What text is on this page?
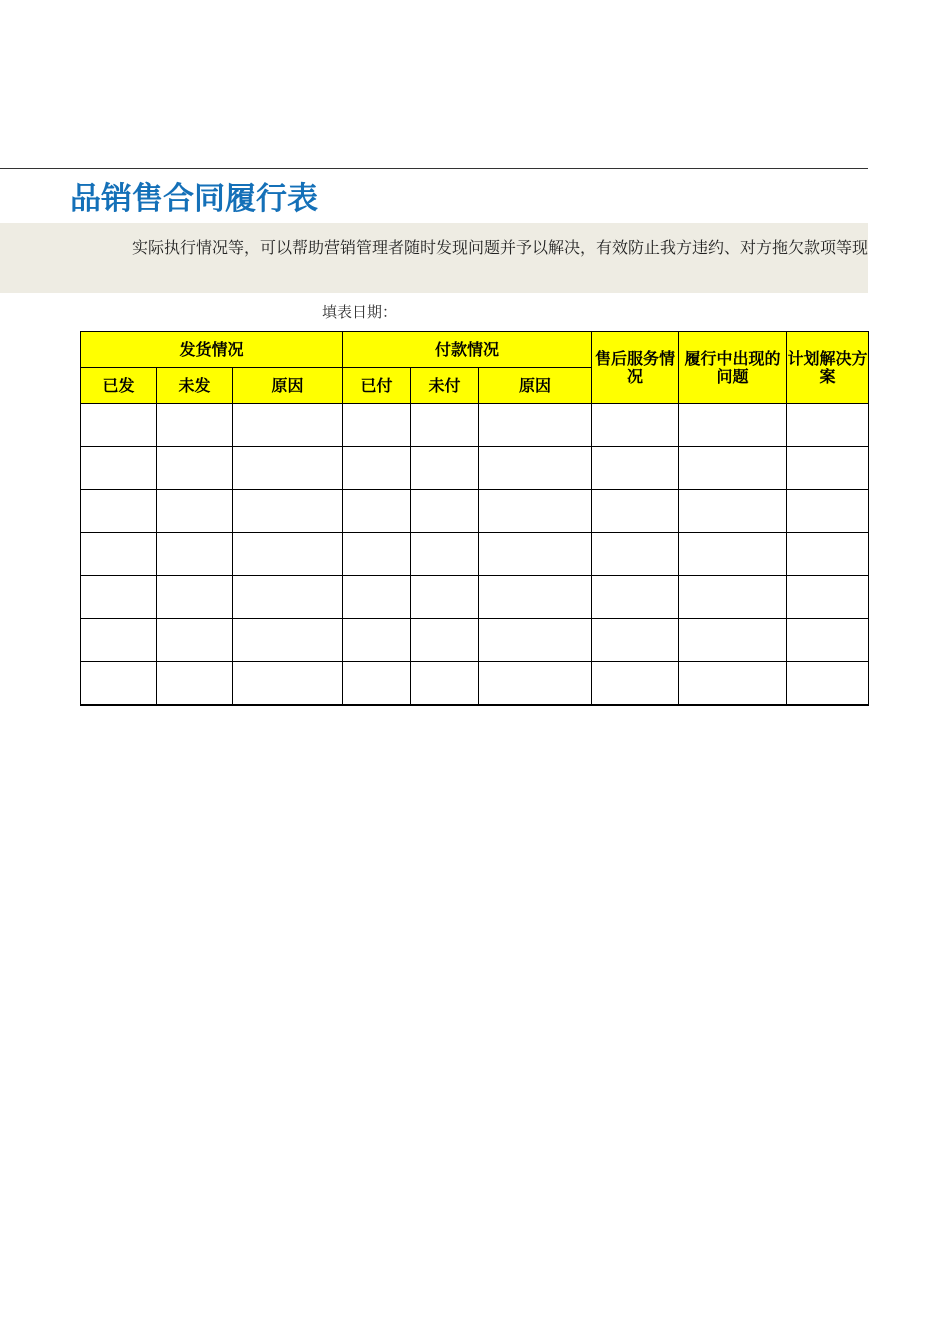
品销售合同履行表
实际执行情况等，可以帮助营销管理者随时发现问题并予以解决，有效防止我方违约、对方拖欠款项等现
填表日期：
发货情况			付款情况			售后服务情况	履行中出现的问题	计划解决方案
已发	未发	原因	已付	未付	原因			
